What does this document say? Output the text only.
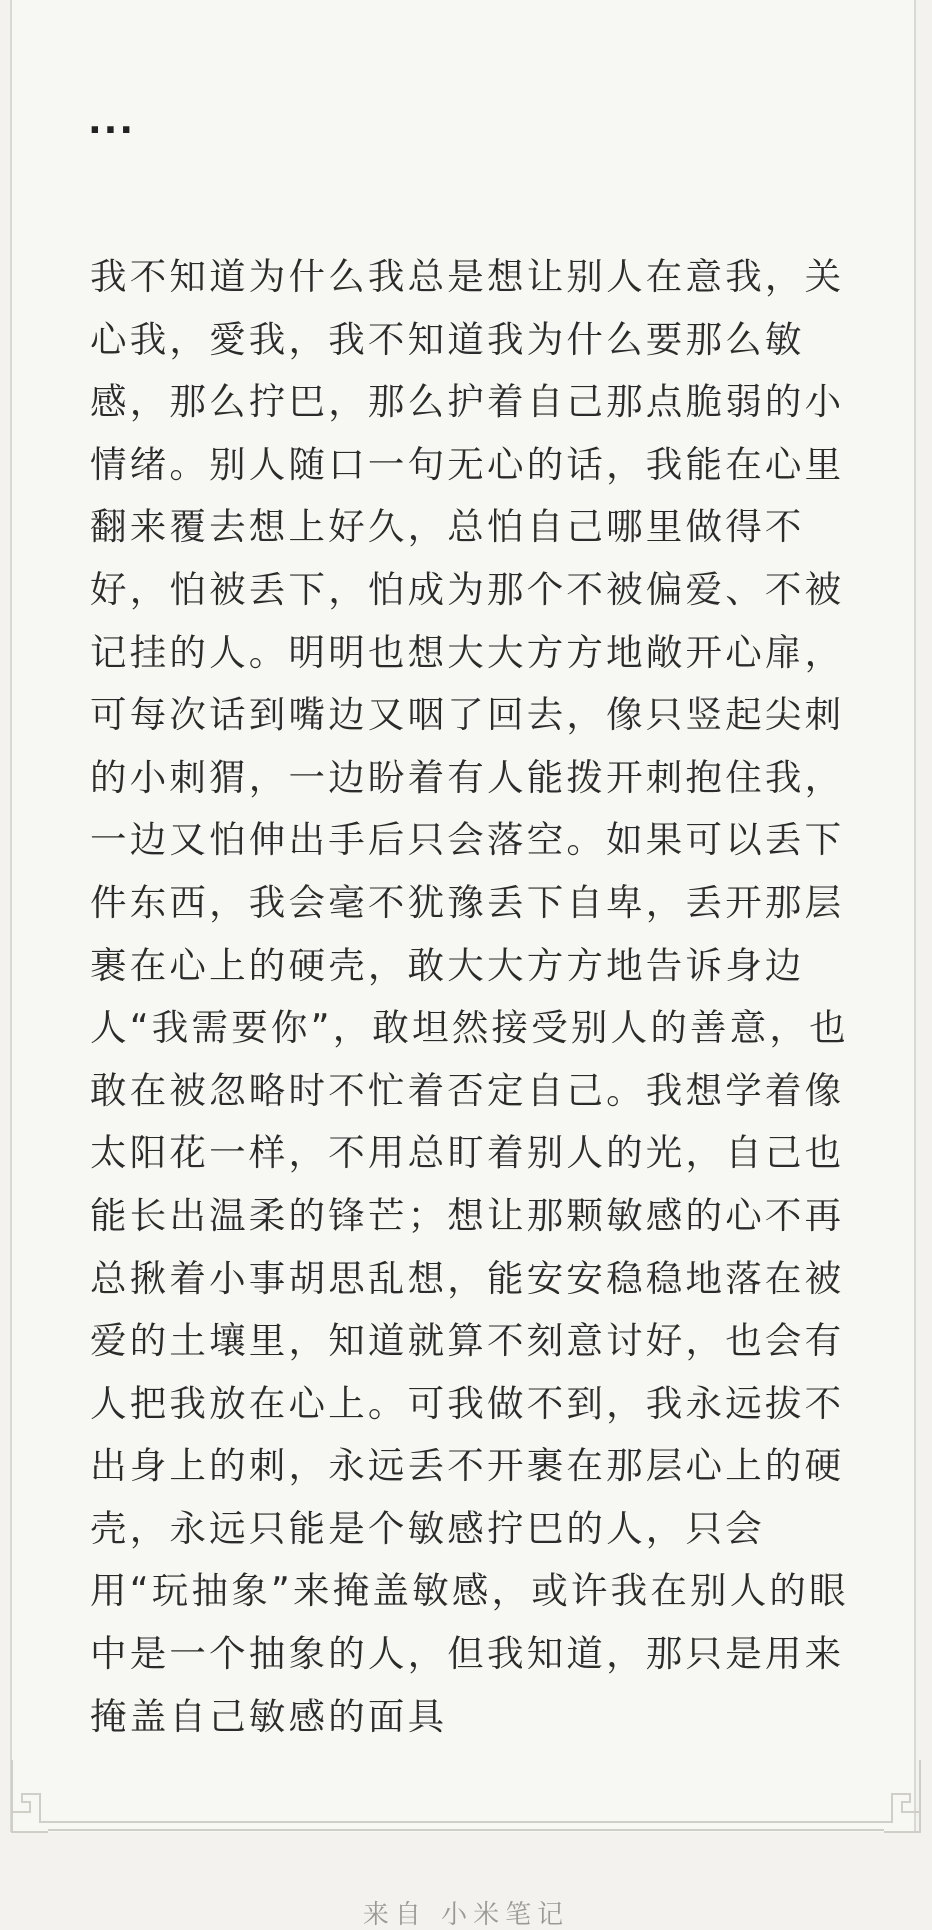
...
我不知道为什么我总是想让别人在意我，关心我，愛我，我不知道我为什么要那么敏感，那么拧巴，那么护着自己那点脆弱的小情绪。别人随口一句无心的话，我能在心里翻来覆去想上好久，总怕自己哪里做得不好，怕被丢下，怕成为那个不被偏爱、不被记挂的人。明明也想大大方方地敞开心扉，可每次话到嘴边又咽了回去，像只竖起尖刺的小刺猬，一边盼着有人能拨开刺抱住我，一边又怕伸出手后只会落空。如果可以丢下件东西，我会毫不犹豫丢下自卑，丢开那层裹在心上的硬壳，敢大大方方地告诉身边人“我需要你”，敢坦然接受别人的善意，也敢在被忽略时不忙着否定自己。我想学着像太阳花一样，不用总盯着别人的光，自己也能长出温柔的锋芒；想让那颗敏感的心不再总揪着小事胡思乱想，能安安稳稳地落在被爱的土壤里，知道就算不刻意讨好，也会有人把我放在心上。可我做不到，我永远拔不出身上的刺，永远丢不开裹在那层心上的硬壳，永远只能是个敏感拧巴的人，只会用“玩抽象”来掩盖敏感，或许我在别人的眼中是一个抽象的人，但我知道，那只是用来掩盖自己敏感的面具
来自 小米笔记
